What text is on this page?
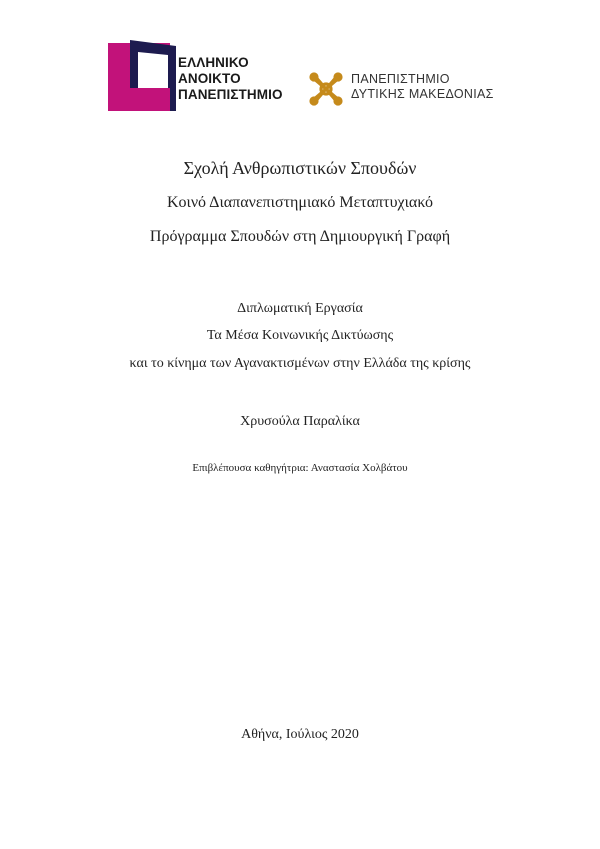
ΕΛΛΗΝΙΚΟ
ΑΝΟΙΚΤΟ
ΠΑΝΕΠΙΣΤΗΜΙΟ
ΠΑΝΕΠΙΣΤΗΜΙΟ
ΔΥΤΙΚΗΣ ΜΑΚΕΔΟΝΙΑΣ
Σχολή Ανθρωπιστικών Σπουδών
Κοινό Διαπανεπιστημιακό Μεταπτυχιακό
Πρόγραμμα Σπουδών στη Δημιουργική Γραφή
Διπλωματική Εργασία
Τα Μέσα Κοινωνικής Δικτύωσης
και το κίνημα των Αγανακτισμένων στην Ελλάδα της κρίσης
Χρυσούλα Παραλίκα
Επιβλέπουσα καθηγήτρια: Αναστασία Χολβάτου
Αθήνα, Ιούλιος 2020
